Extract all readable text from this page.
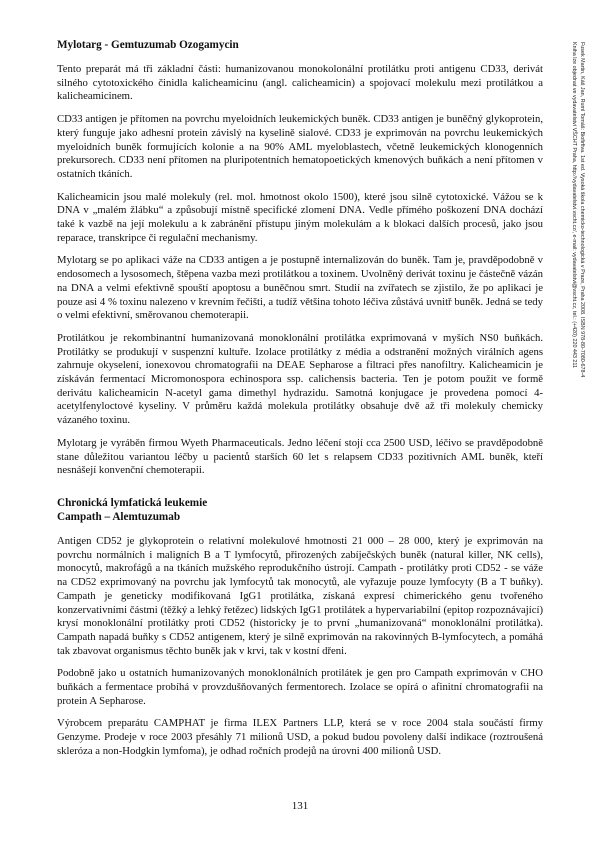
Mylotarg - Gemtuzumab Ozogamycin

Tento preparát má tři základní části: humanizovanou monokolonální protilátku proti antigenu CD33, derivát silného cytotoxického činidla kalicheamicinu (angl. calicheamicin) a spojovací molekulu mezi protilátkou a kalicheamicinem.

CD33 antigen je přítomen na povrchu myeloidních leukemických buněk. CD33 antigen je buněčný glykoprotein, který funguje jako adhesní protein závislý na kyselině sialové. CD33 je exprimován na povrchu leukemických myeloidních buněk formujících kolonie a na 90% AML myeloblastech, včetně leukemických klonogenních prekursorech. CD33 není přítomen na pluripotentních hematopoetických kmenových buňkách a není přítomen v ostatních tkáních.

Kalicheamicin jsou malé molekuly (rel. mol. hmotnost okolo 1500), které jsou silně cytotoxické. Vážou se k DNA v „malém žlábku“ a způsobují místně specifické zlomení DNA. Vedle přímého poškození DNA dochází také k vazbě na její molekulu a k zabránění přístupu jiným molekulám a k blokaci dalších procesů, jako jsou reparace, transkripce či regulační mechanismy.

Mylotarg se po aplikaci váže na CD33 antigen a je postupně internalizován do buněk. Tam je, pravděpodobně v endosomech a lysosomech, štěpena vazba mezi protilátkou a toxinem. Uvolněný derivát toxinu je částečně vázán na DNA a velmi efektivně spouští apoptosu a buněčnou smrt. Studií na zvířatech se zjistilo, že po aplikaci je pouze asi 4 % toxinu nalezeno v krevním řečišti, a tudíž většina tohoto léčiva zůstává uvnitř buněk. Jedná se tedy o velmi efektivní, směrovanou chemoterapii.

Protilátkou je rekombinantní humanizovaná monoklonální protilátka exprimovaná v myších NS0 buňkách. Protilátky se produkují v suspenzní kultuře. Izolace protilátky z média a odstranění možných virálních agens zahrnuje okyselení, ionexovou chromatografii na DEAE Sepharose a filtraci přes nanofiltry. Kalicheamicin je získáván fermentací Micromonospora echinospora ssp. calichensis bacteria. Ten je potom použit ve formě derivátu kalicheamicin N-acetyl gama dimethyl hydrazidu. Samotná konjugace je provedena pomocí 4-acetylfenyloctové kyseliny. V průměru každá molekula protilátky obsahuje dvě až tři molekuly chemicky vázaného toxinu.

Mylotarg je vyráběn firmou Wyeth Pharmaceuticals. Jedno léčení stojí cca 2500 USD, léčivo se pravděpodobně stane důležitou variantou léčby u pacientů starších 60 let s relapsem CD33 pozitivních AML buněk, kteří nesnášejí konvenční chemoterapii.

Chronická lymfatická leukemie
Campath – Alemtuzumab

Antigen CD52 je glykoprotein o relativní molekulové hmotnosti 21 000 – 28 000, který je exprimován na povrchu normálních i maligních B a T lymfocytů, přirozených zabíječských buněk (natural killer, NK cells), monocytů, makrofágů a na tkáních mužského reprodukčního ústrojí. Campath - protilátky proti CD52 - se váže na CD52 exprimovaný na povrchu jak lymfocytů tak monocytů, ale vyřazuje pouze lymfocyty (B a T buňky). Campath je geneticky modifikovaná IgG1 protilátka, získaná expresí chimerického genu tvořeného konzervativními částmi (těžký a lehký řetězec) lidských IgG1 protilátek a hypervariabilní (epitop rozpoznávající) krysí monoklonální protilátky proti CD52 (historicky je to první „humanizovaná“ monoklonální protilátka). Campath napadá buňky s CD52 antigenem, který je silně exprimován na rakovinných B-lymfocytech, a pomáhá tak zbavovat organismus těchto buněk jak v krvi, tak v kostní dřeni.

Podobně jako u ostatních humanizovaných monoklonálních protilátek je gen pro Campath exprimován v CHO buňkách a fermentace probíhá v provzdušňovaných fermentorech. Izolace se opírá o afinitní chromatografii na protein A Sepharose.

Výrobcem preparátu CAMPHAT je firma ILEX Partners LLP, která se v roce 2004 stala součástí firmy Genzyme. Prodeje v roce 2003 přesáhly 71 milionů USD, a pokud budou povoleny další indikace (roztroušená skleróza a non-Hodgkin lymfoma), je odhad ročních prodejů na úrovni 400 milionů USD.

Fusek Martin, Káš Jan, Ruml Tomáš: Biofirfiva. 1st ed. Vysoká škola chemicko-technologická v Praze, Praha 2008. ISBN 978-80-7080-678-4
Kniha lze objednat ve vydavatelství VŠCHT Praha, http://vydavatelstvi.vscht.cz/, e-mail: vydavatelstvi@vscht.cz, tel.: (+420) 220 443 211
131
